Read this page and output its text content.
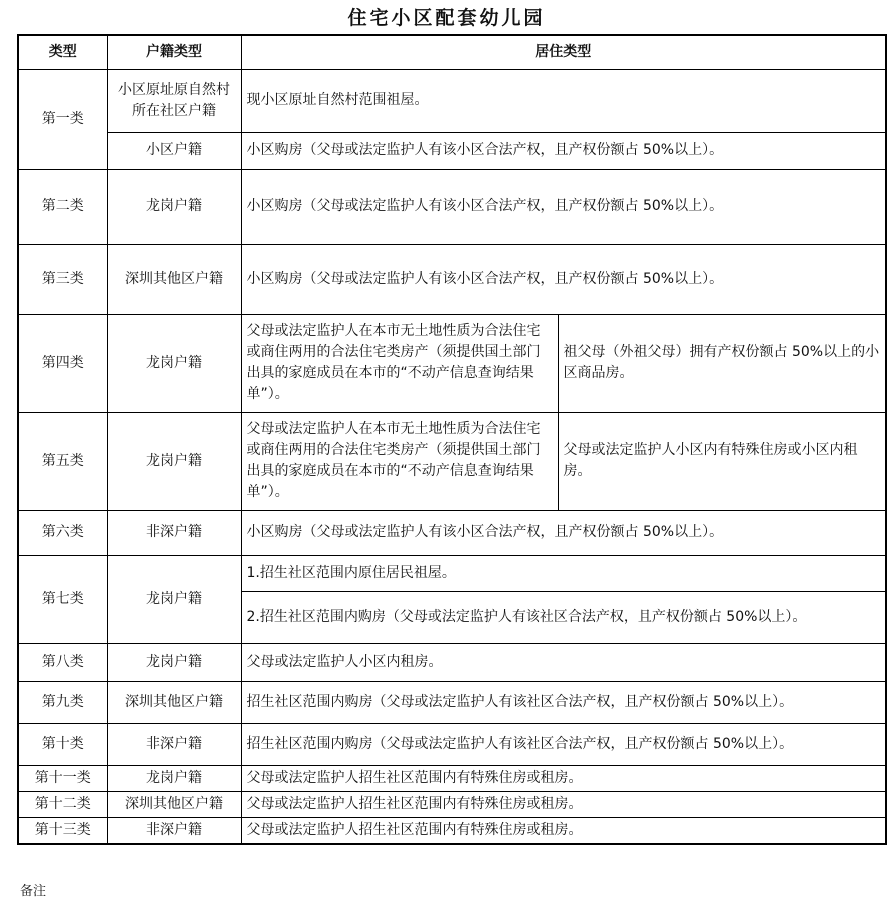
住宅小区配套幼儿园
类型	户籍类型	居住类型	
第一类	小区原址原自然村所在社区户籍	现小区原址自然村范围祖屋。	
	小区户籍	小区购房（父母或法定监护人有该小区合法产权，且产权份额占 50%以上）。	
第二类	龙岗户籍	小区购房（父母或法定监护人有该小区合法产权，且产权份额占 50%以上）。	
第三类	深圳其他区户籍	小区购房（父母或法定监护人有该小区合法产权，且产权份额占 50%以上）。	
第四类	龙岗户籍	父母或法定监护人在本市无土地性质为合法住宅或商住两用的合法住宅类房产（须提供国土部门出具的家庭成员在本市的“不动产信息查询结果单”）。	祖父母（外祖父母）拥有产权份额占 50%以上的小区商品房。
第五类	龙岗户籍	父母或法定监护人在本市无土地性质为合法住宅或商住两用的合法住宅类房产（须提供国土部门出具的家庭成员在本市的“不动产信息查询结果单”）。	父母或法定监护人小区内有特殊住房或小区内租房。
第六类	非深户籍	小区购房（父母或法定监护人有该小区合法产权，且产权份额占 50%以上）。	
第七类	龙岗户籍	1.招生社区范围内原住居民祖屋。	
		2.招生社区范围内购房（父母或法定监护人有该社区合法产权，且产权份额占 50%以上）。	
第八类	龙岗户籍	父母或法定监护人小区内租房。	
第九类	深圳其他区户籍	招生社区范围内购房（父母或法定监护人有该社区合法产权，且产权份额占 50%以上）。	
第十类	非深户籍	招生社区范围内购房（父母或法定监护人有该社区合法产权，且产权份额占 50%以上）。	
第十一类	龙岗户籍	父母或法定监护人招生社区范围内有特殊住房或租房。	
第十二类	深圳其他区户籍	父母或法定监护人招生社区范围内有特殊住房或租房。	
第十三类	非深户籍	父母或法定监护人招生社区范围内有特殊住房或租房。	
备注
